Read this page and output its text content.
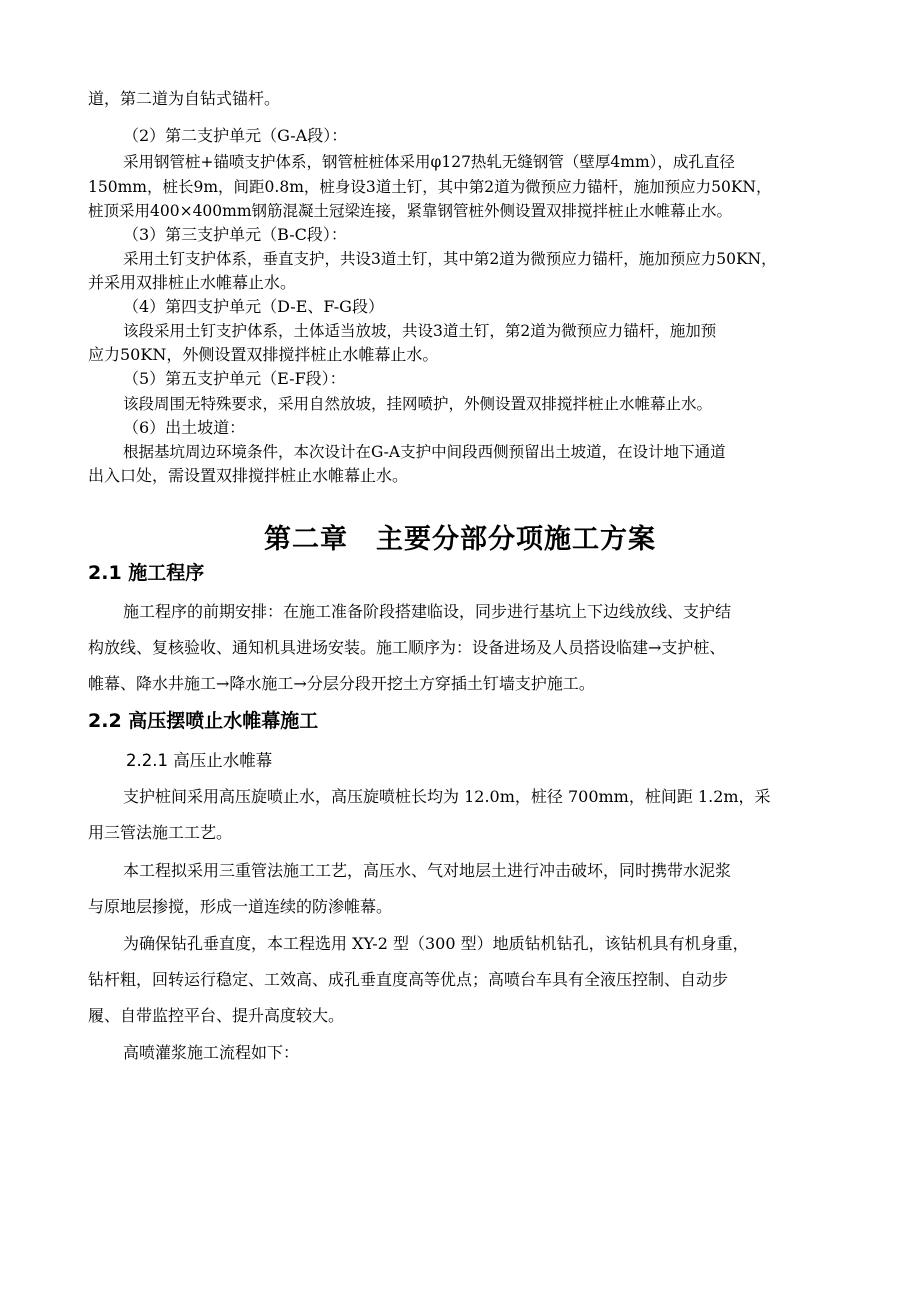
道，第二道为自钻式锚杆。
（2）第二支护单元（G-A段）：
采用钢管桩+锚喷支护体系，钢管桩桩体采用φ127热轧无缝钢管（壁厚4mm），成孔直径
150mm，桩长9m，间距0.8m，桩身设3道土钉，其中第2道为微预应力锚杆，施加预应力50KN，
桩顶采用400×400mm钢筋混凝土冠梁连接，紧靠钢管桩外侧设置双排搅拌桩止水帷幕止水。
（3）第三支护单元（B-C段）：
采用土钉支护体系，垂直支护，共设3道土钉，其中第2道为微预应力锚杆，施加预应力50KN，
并采用双排桩止水帷幕止水。
（4）第四支护单元（D-E、F-G段）
该段采用土钉支护体系，土体适当放坡，共设3道土钉，第2道为微预应力锚杆，施加预
应力50KN，外侧设置双排搅拌桩止水帷幕止水。
（5）第五支护单元（E-F段）：
该段周围无特殊要求，采用自然放坡，挂网喷护，外侧设置双排搅拌桩止水帷幕止水。
（6）出土坡道：
根据基坑周边环境条件，本次设计在G-A支护中间段西侧预留出土坡道，在设计地下通道
出入口处，需设置双排搅拌桩止水帷幕止水。
第二章　主要分部分项施工方案
2.1 施工程序
施工程序的前期安排：在施工准备阶段搭建临设，同步进行基坑上下边线放线、支护结
构放线、复核验收、通知机具进场安装。施工顺序为：设备进场及人员搭设临建→支护桩、
帷幕、降水井施工→降水施工→分层分段开挖土方穿插土钉墙支护施工。
2.2 高压摆喷止水帷幕施工
2.2.1 高压止水帷幕
支护桩间采用高压旋喷止水，高压旋喷桩长均为 12.0m，桩径 700mm，桩间距 1.2m，采
用三管法施工工艺。
本工程拟采用三重管法施工工艺，高压水、气对地层土进行冲击破坏，同时携带水泥浆
与原地层掺搅，形成一道连续的防渗帷幕。
为确保钻孔垂直度，本工程选用 XY-2 型（300 型）地质钻机钻孔，该钻机具有机身重，
钻杆粗，回转运行稳定、工效高、成孔垂直度高等优点；高喷台车具有全液压控制、自动步
履、自带监控平台、提升高度较大。
高喷灌浆施工流程如下：
